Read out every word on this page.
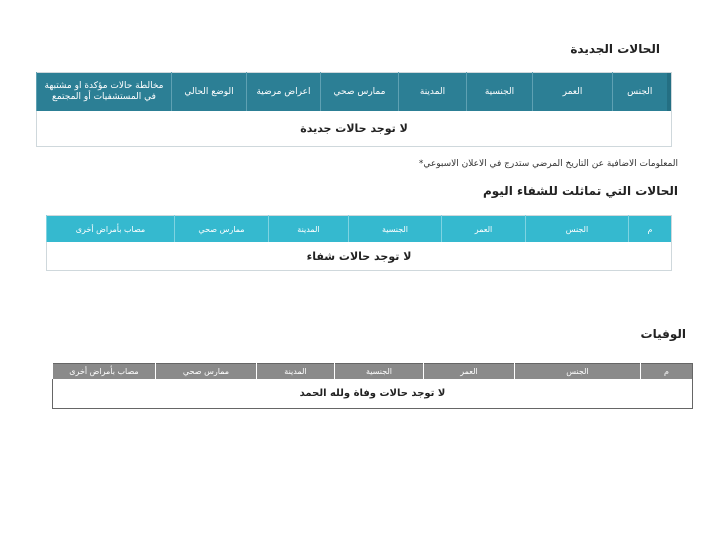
الحالات الجديدة
	الجنس	العمر	الجنسية	المدينة	ممارس صحي	اعراض مرضية	الوضع الحالي	مخالطة حالات مؤكدة او مشتبهة في المستشفيات أو المجتمع
لا توجد حالات جديدة
المعلومات الاضافية عن التاريخ المرضي ستدرج في الاعلان الاسبوعي*
الحالات التي تماثلت للشفاء اليوم
م	الجنس	العمر	الجنسية	المدينة	ممارس صحي	مصاب بأمراض أخرى
لا توجد حالات شفاء
الوفيات
م	الجنس	العمر	الجنسية	المدينة	ممارس صحي	مصاب بأمراض أخرى
لا توجد حالات وفاة ولله الحمد
